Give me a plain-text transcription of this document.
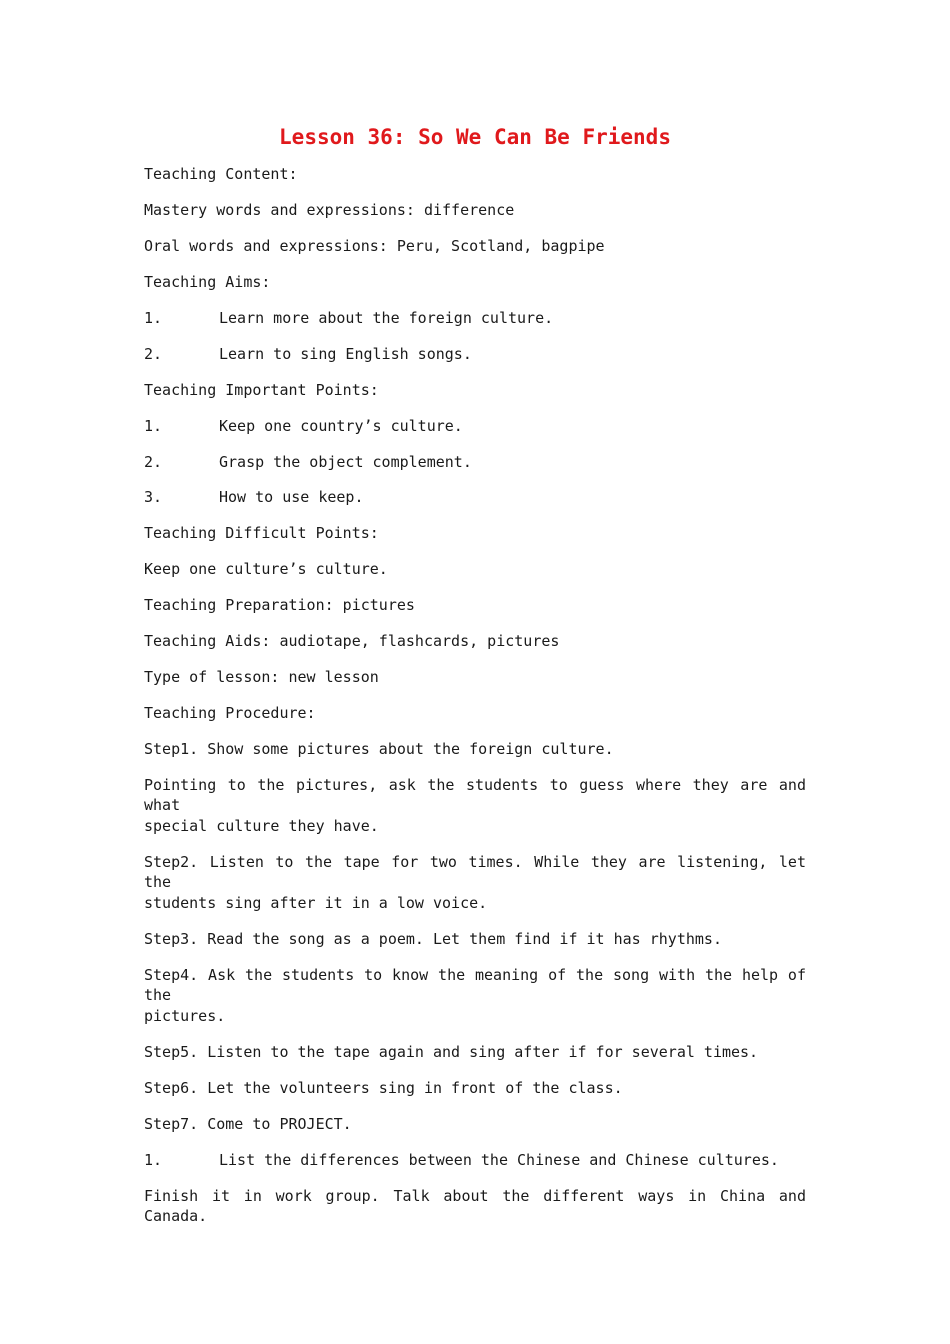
Lesson 36: So We Can Be Friends
Teaching Content:
Mastery words and expressions: difference
Oral words and expressions: Peru, Scotland, bagpipe
Teaching Aims:
1.	Learn more about the foreign culture.
2.	Learn to sing English songs.
Teaching Important Points:
1.	Keep one country’s culture.
2.	Grasp the object complement.
3.	How to use keep.
Teaching Difficult Points:
Keep one culture’s culture.
Teaching Preparation: pictures
Teaching Aids: audiotape, flashcards, pictures
Type of lesson: new lesson
Teaching Procedure:
Step1. Show some pictures about the foreign culture.
Pointing to the pictures, ask the students to guess where they are and what
special culture they have.
Step2. Listen to the tape for two times. While they are listening, let the
students sing after it in a low voice.
Step3. Read the song as a poem. Let them find if it has rhythms.
Step4. Ask the students to know the meaning of the song with the help of the
pictures.
Step5. Listen to the tape again and sing after if for several times.
Step6. Let the volunteers sing in front of the class.
Step7. Come to PROJECT.
1.	List the differences between the Chinese and Chinese cultures.
Finish it in work group. Talk about the different ways in China and Canada.
